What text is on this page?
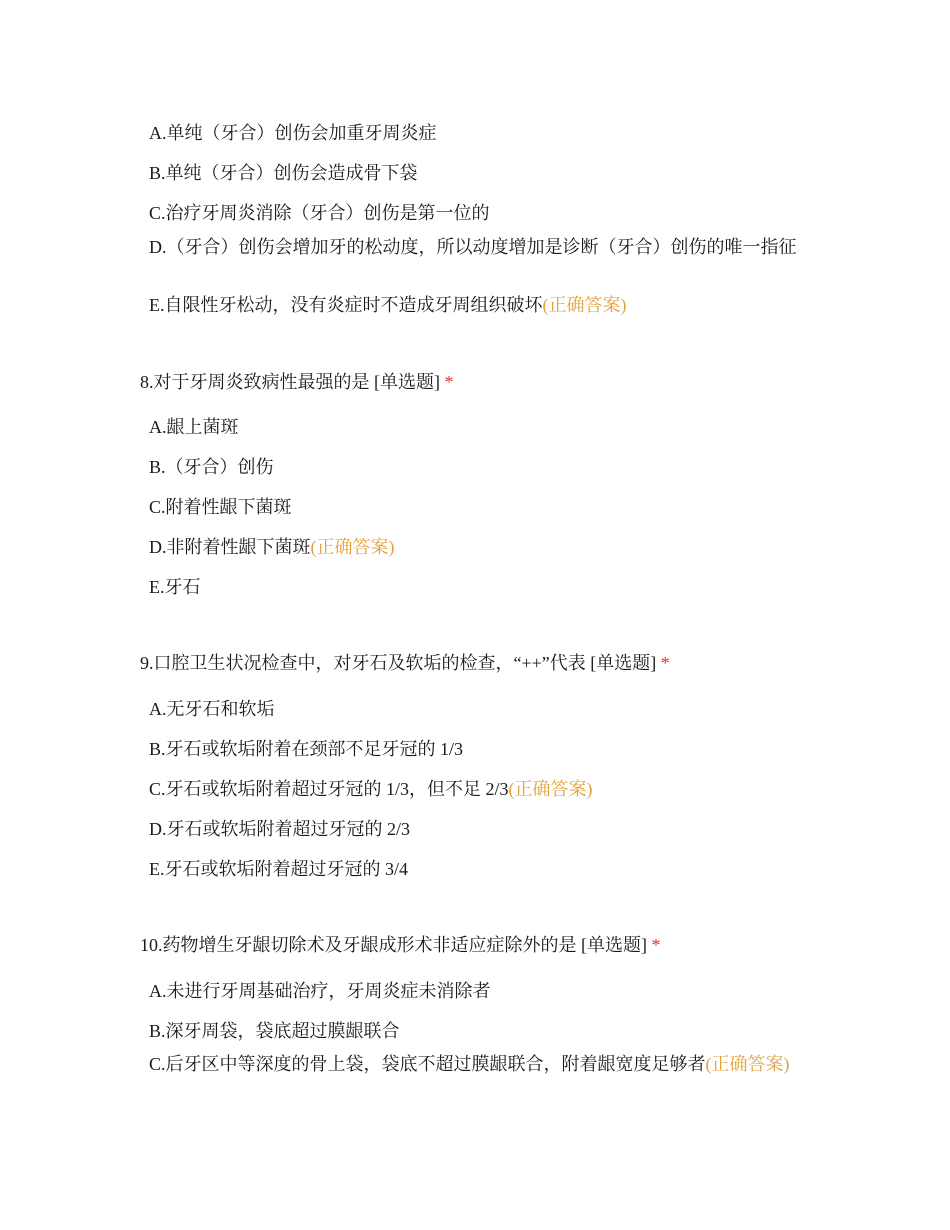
A.单纯（牙合）创伤会加重牙周炎症

B.单纯（牙合）创伤会造成骨下袋

C.治疗牙周炎消除（牙合）创伤是第一位的

D.（牙合）创伤会增加牙的松动度，所以动度增加是诊断（牙合）创伤的唯一指征

E.自限性牙松动，没有炎症时不造成牙周组织破坏(正确答案)

8.对于牙周炎致病性最强的是 [单选题] *

A.龈上菌斑

B.（牙合）创伤

C.附着性龈下菌斑

D.非附着性龈下菌斑(正确答案)

E.牙石

9.口腔卫生状况检查中，对牙石及软垢的检查，“++”代表 [单选题] *

A.无牙石和软垢

B.牙石或软垢附着在颈部不足牙冠的 1/3

C.牙石或软垢附着超过牙冠的 1/3，但不足 2/3(正确答案)

D.牙石或软垢附着超过牙冠的 2/3

E.牙石或软垢附着超过牙冠的 3/4

10.药物增生牙龈切除术及牙龈成形术非适应症除外的是 [单选题] *

A.未进行牙周基础治疗，牙周炎症未消除者

B.深牙周袋，袋底超过膜龈联合

C.后牙区中等深度的骨上袋，袋底不超过膜龈联合，附着龈宽度足够者(正确答案)
